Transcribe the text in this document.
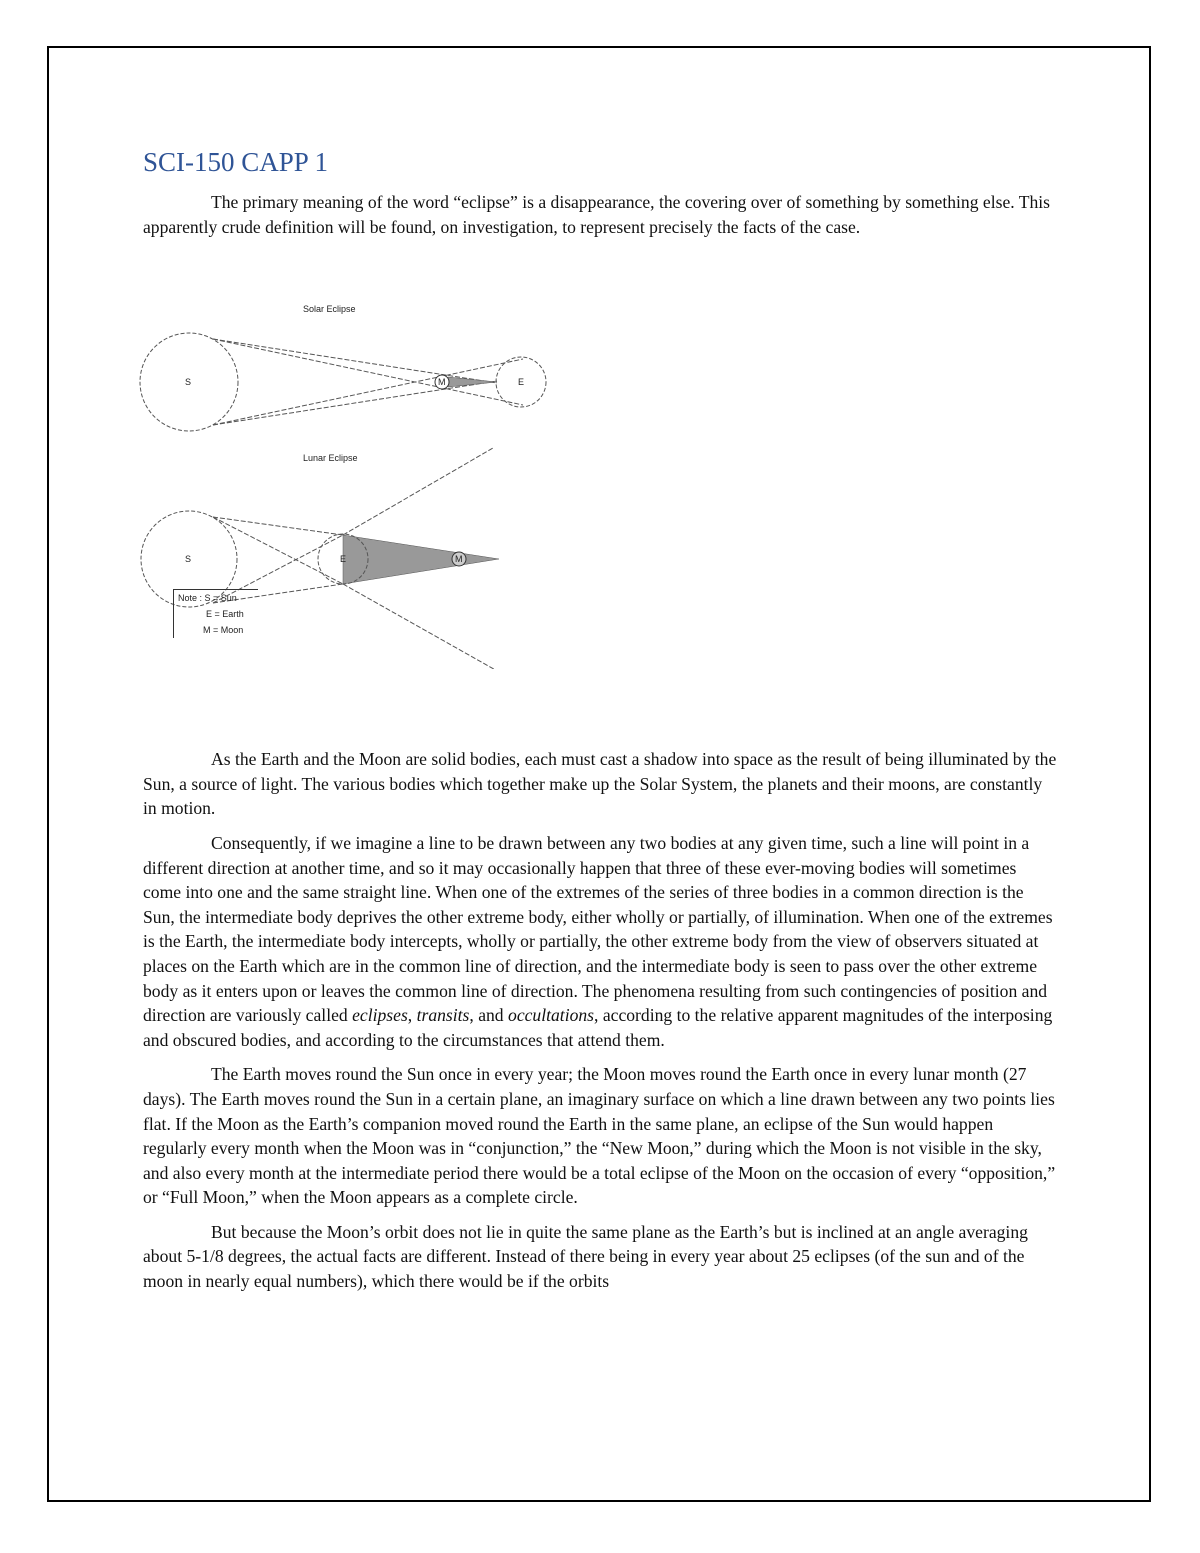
SCI-150 CAPP 1

The primary meaning of the word “eclipse” is a disappearance, the covering over of something by something else. This apparently crude definition will be found, on investigation, to represent precisely the facts of the case.

Solar Eclipse
S	E
M
Lunar Eclipse
S	E	M
Note : S = Sun
E = Earth
M = Moon

As the Earth and the Moon are solid bodies, each must cast a shadow into space as the result of being illuminated by the Sun, a source of light. The various bodies which together make up the Solar System, the planets and their moons, are constantly in motion.

Consequently, if we imagine a line to be drawn between any two bodies at any given time, such a line will point in a different direction at another time, and so it may occasionally happen that three of these ever-moving bodies will sometimes come into one and the same straight line. When one of the extremes of the series of three bodies in a common direction is the Sun, the intermediate body deprives the other extreme body, either wholly or partially, of illumination. When one of the extremes is the Earth, the intermediate body intercepts, wholly or partially, the other extreme body from the view of observers situated at places on the Earth which are in the common line of direction, and the intermediate body is seen to pass over the other extreme body as it enters upon or leaves the common line of direction. The phenomena resulting from such contingencies of position and direction are variously called eclipses, transits, and occultations, according to the relative apparent magnitudes of the interposing and obscured bodies, and according to the circumstances that attend them.

The Earth moves round the Sun once in every year; the Moon moves round the Earth once in every lunar month (27 days). The Earth moves round the Sun in a certain plane, an imaginary surface on which a line drawn between any two points lies flat. If the Moon as the Earth’s companion moved round the Earth in the same plane, an eclipse of the Sun would happen regularly every month when the Moon was in “conjunction,” the “New Moon,” during which the Moon is not visible in the sky, and also every month at the intermediate period there would be a total eclipse of the Moon on the occasion of every “opposition,” or “Full Moon,” when the Moon appears as a complete circle.

But because the Moon’s orbit does not lie in quite the same plane as the Earth’s but is inclined at an angle averaging about 5-1/8 degrees, the actual facts are different. Instead of there being in every year about 25 eclipses (of the sun and of the moon in nearly equal numbers), which there would be if the orbits
